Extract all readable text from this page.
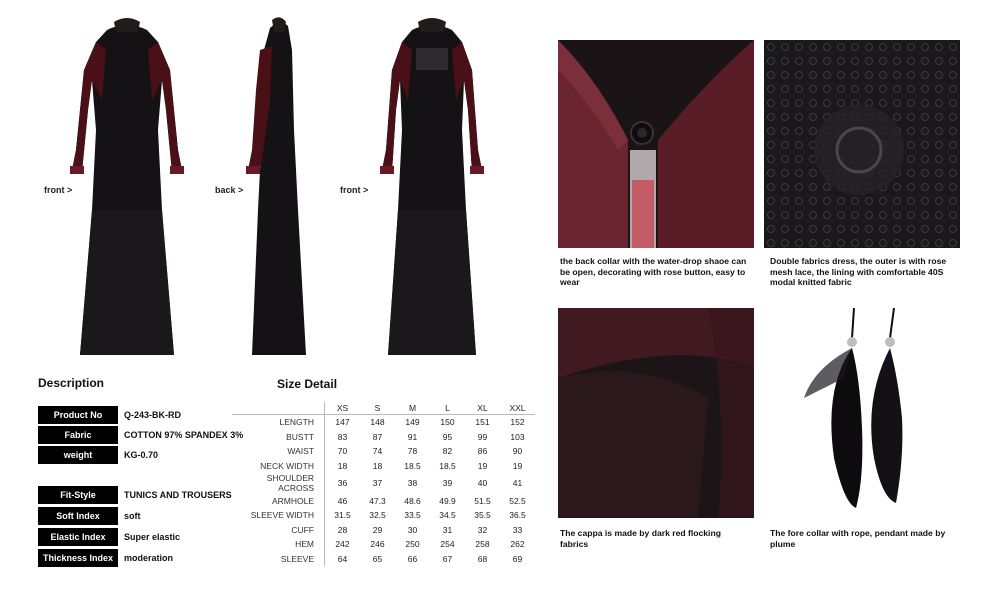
front >	back >	front >
Description
Product No	Q-243-BK-RD
Fabric	COTTON 97% SPANDEX 3%
weight	KG-0.70
Fit-Style	TUNICS AND TROUSERS
Soft Index	soft
Elastic Index	Super elastic
Thickness Index	moderation
Size Detail
	XS	S	M	L	XL	XXL
LENGTH	147	148	149	150	151	152
BUSTT	83	87	91	95	99	103
WAIST	70	74	78	82	86	90
NECK WIDTH	18	18	18.5	18.5	19	19
SHOULDER ACROSS	36	37	38	39	40	41
ARMHOLE	46	47.3	48.6	49.9	51.5	52.5
SLEEVE WIDTH	31.5	32.5	33.5	34.5	35.5	36.5
CUFF	28	29	30	31	32	33
HEM	242	246	250	254	258	262
SLEEVE	64	65	66	67	68	69
the back collar with the water-drop shaoe can be open, decorating with rose button, easy to wear
Double fabrics dress, the outer is with rose mesh lace, the lining with comfortable 40S modal knitted fabric
The cappa is made by dark red flocking fabrics
The fore collar with rope, pendant made by plume
